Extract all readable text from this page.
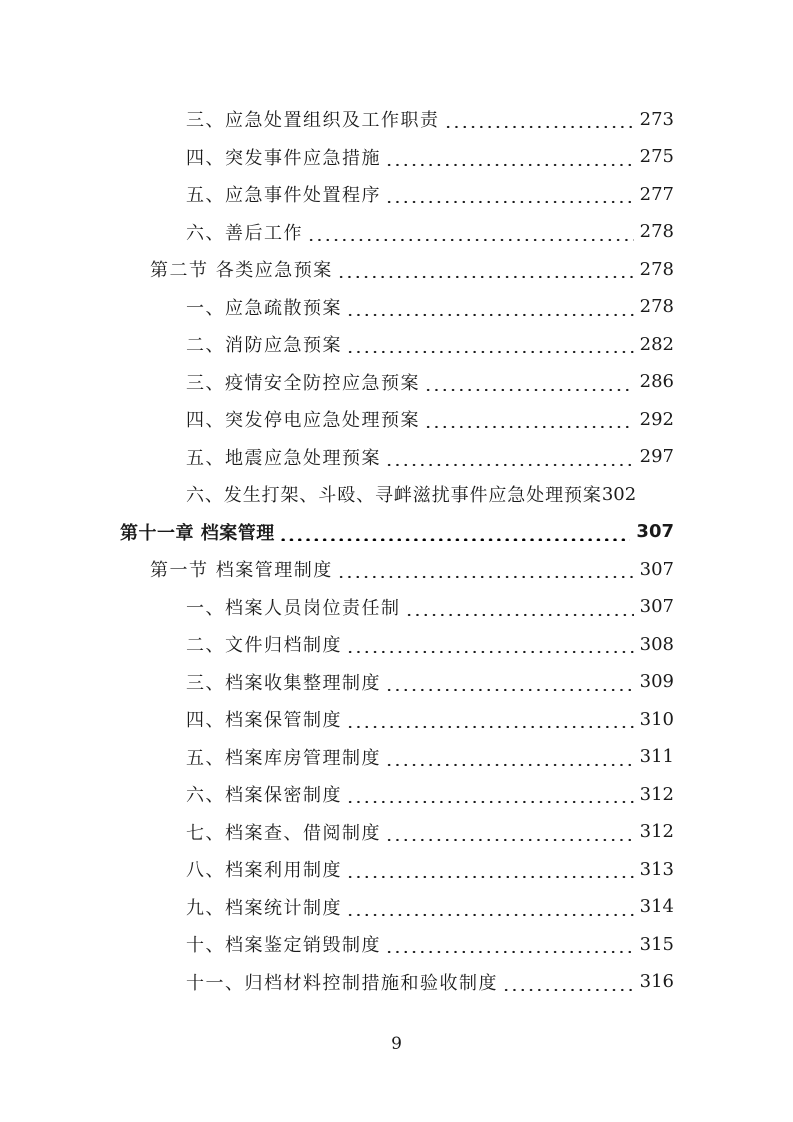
三、应急处置组织及工作职责	273
四、突发事件应急措施	275
五、应急事件处置程序	277
六、善后工作	278
第二节 各类应急预案	278
一、应急疏散预案	278
二、消防应急预案	282
三、疫情安全防控应急预案	286
四、突发停电应急处理预案	292
五、地震应急处理预案	297
六、发生打架、斗殴、寻衅滋扰事件应急处理预案 302
第十一章 档案管理	307
第一节 档案管理制度	307
一、档案人员岗位责任制	307
二、文件归档制度	308
三、档案收集整理制度	309
四、档案保管制度	310
五、档案库房管理制度	311
六、档案保密制度	312
七、档案查、借阅制度	312
八、档案利用制度	313
九、档案统计制度	314
十、档案鉴定销毁制度	315
十一、归档材料控制措施和验收制度	316
9
